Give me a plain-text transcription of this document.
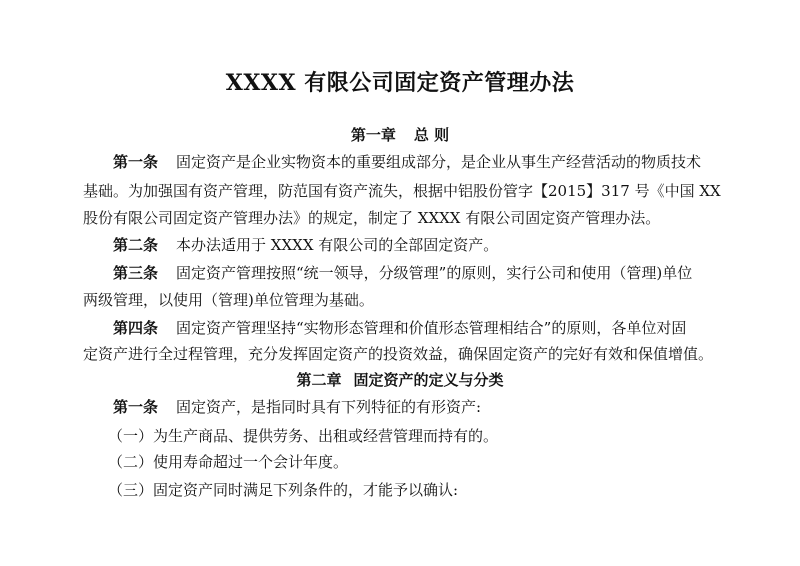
XXXX 有限公司固定资产管理办法
第一章 总 则
第一条 固定资产是企业实物资本的重要组成部分，是企业从事生产经营活动的物质技术
基础。为加强国有资产管理，防范国有资产流失，根据中铝股份管字【2015】317 号《中国 XX
股份有限公司固定资产管理办法》的规定，制定了 XXXX 有限公司固定资产管理办法。
第二条 本办法适用于 XXXX 有限公司的全部固定资产。
第三条 固定资产管理按照“统一领导，分级管理”的原则，实行公司和使用（管理)单位
两级管理，以使用（管理)单位管理为基础。
第四条 固定资产管理坚持“实物形态管理和价值形态管理相结合”的原则，各单位对固
定资产进行全过程管理，充分发挥固定资产的投资效益，确保固定资产的完好有效和保值增值。
第二章 固定资产的定义与分类
第一条 固定资产，是指同时具有下列特征的有形资产:
（一）为生产商品、提供劳务、出租或经营管理而持有的。
（二）使用寿命超过一个会计年度。
（三）固定资产同时满足下列条件的，才能予以确认:
